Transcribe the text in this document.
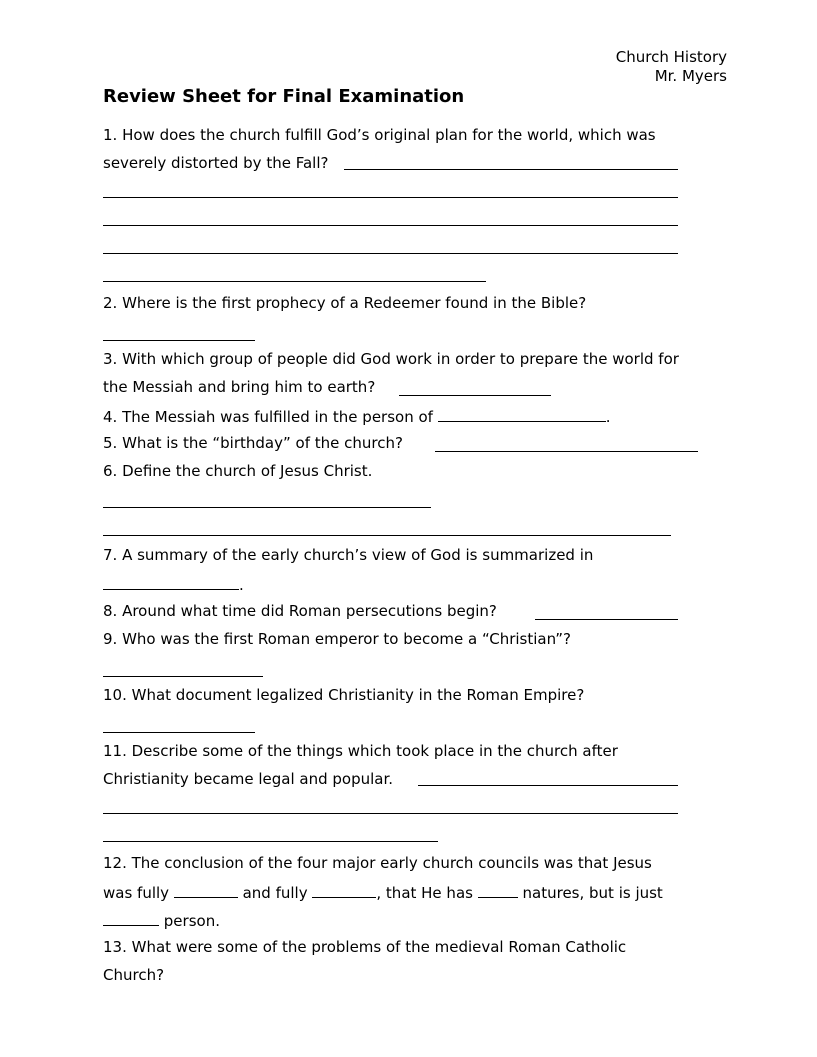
Church History
Mr. Myers
Review Sheet for Final Examination
1. How does the church fulfill God’s original plan for the world, which was
severely distorted by the Fall?
2. Where is the first prophecy of a Redeemer found in the Bible?
3. With which group of people did God work in order to prepare the world for
the Messiah and bring him to earth?
4. The Messiah was fulfilled in the person of	.
5. What is the “birthday” of the church?
6. Define the church of Jesus Christ.
7. A summary of the early church’s view of God is summarized in
.
8. Around what time did Roman persecutions begin?
9. Who was the first Roman emperor to become a “Christian”?
10. What document legalized Christianity in the Roman Empire?
11. Describe some of the things which took place in the church after
Christianity became legal and popular.
12. The conclusion of the four major early church councils was that Jesus
was fully	and fully	, that He has	natures, but is just
person.
13. What were some of the problems of the medieval Roman Catholic
Church?
